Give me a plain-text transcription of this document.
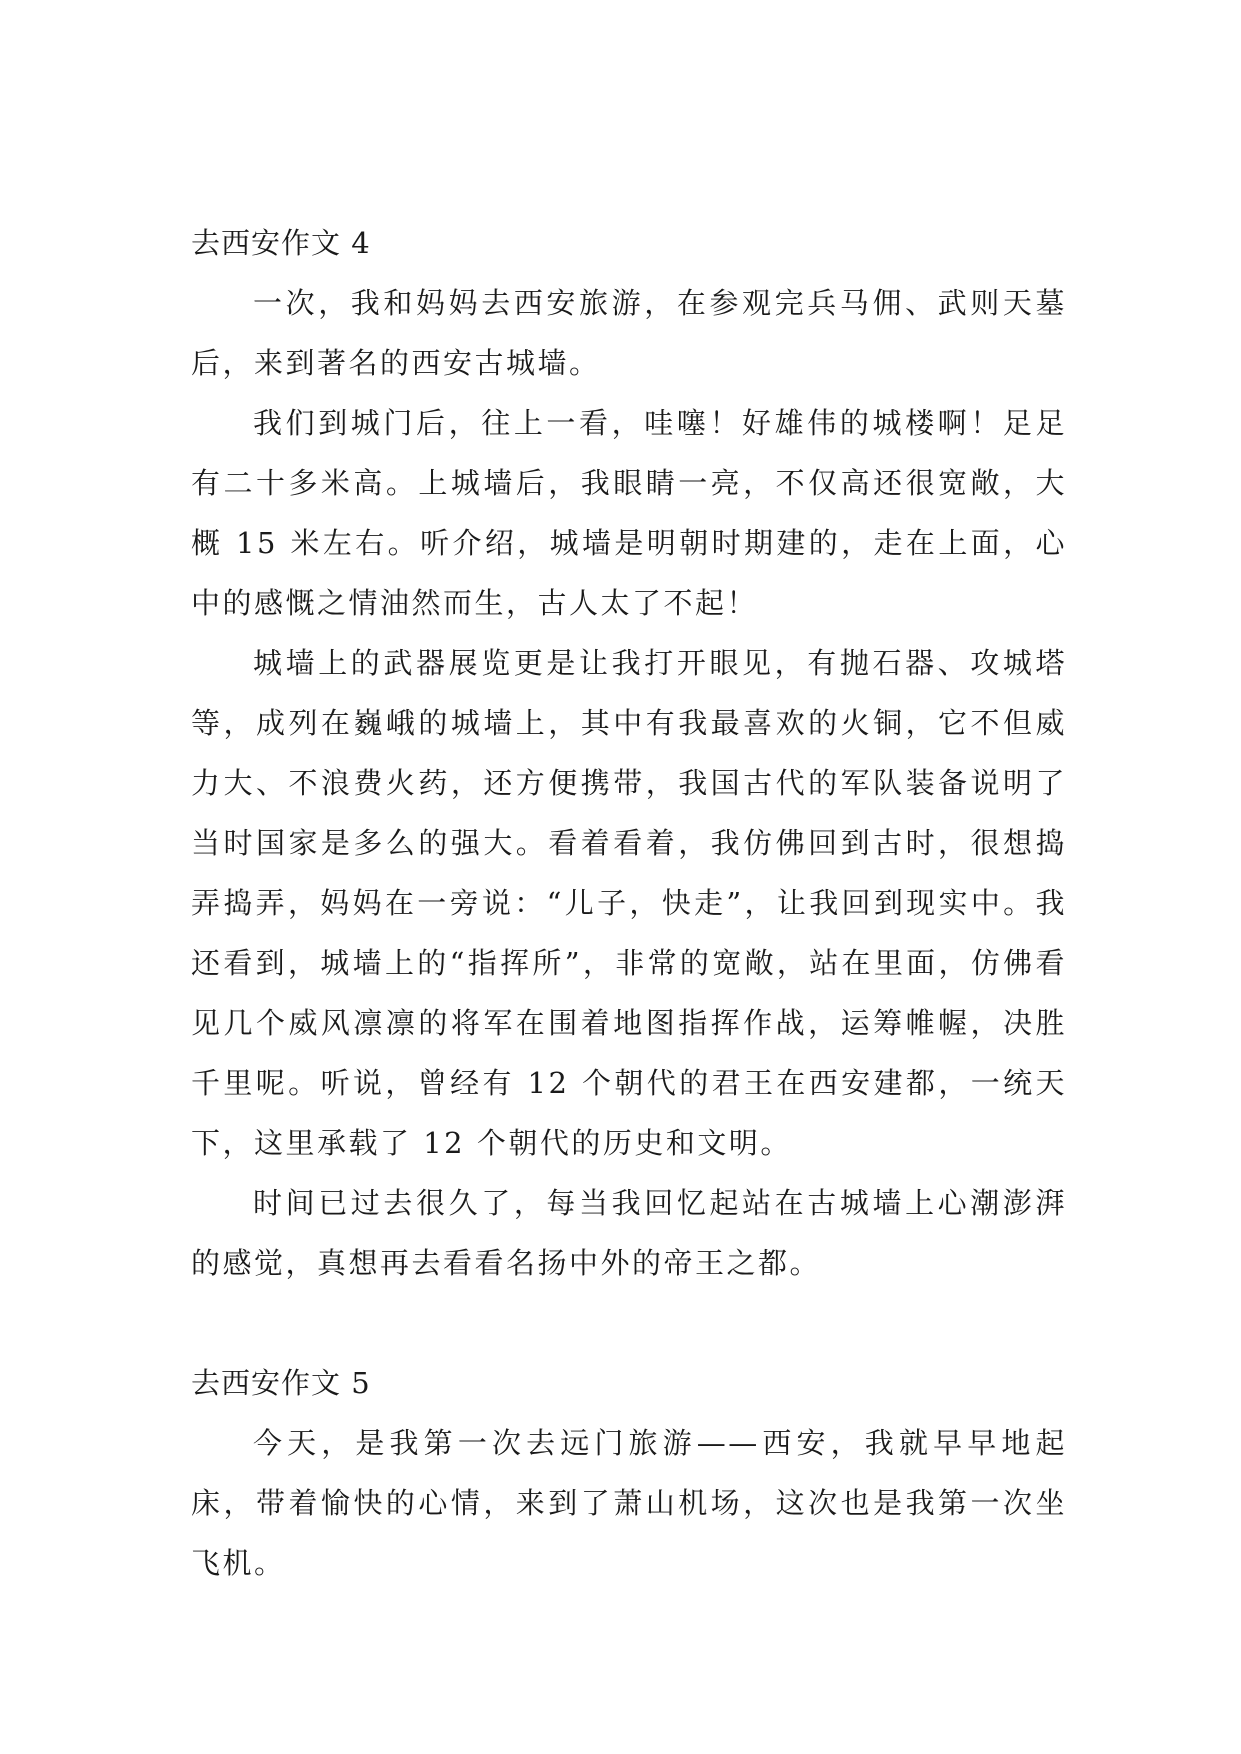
去西安作文 4

一次，我和妈妈去西安旅游，在参观完兵马佣、武则天墓后，来到著名的西安古城墙。

我们到城门后，往上一看，哇噻！好雄伟的城楼啊！足足有二十多米高。上城墙后，我眼睛一亮，不仅高还很宽敞，大概 15 米左右。听介绍，城墙是明朝时期建的，走在上面，心中的感慨之情油然而生，古人太了不起！

城墙上的武器展览更是让我打开眼见，有抛石器、攻城塔等，成列在巍峨的城墙上，其中有我最喜欢的火铜，它不但威力大、不浪费火药，还方便携带，我国古代的军队装备说明了当时国家是多么的强大。看着看着，我仿佛回到古时，很想捣弄捣弄，妈妈在一旁说：“儿子，快走”，让我回到现实中。我还看到，城墙上的“指挥所”，非常的宽敞，站在里面，仿佛看见几个威风凛凛的将军在围着地图指挥作战，运筹帷幄，决胜千里呢。听说，曾经有 12 个朝代的君王在西安建都，一统天下，这里承载了 12 个朝代的历史和文明。

时间已过去很久了，每当我回忆起站在古城墙上心潮澎湃的感觉，真想再去看看名扬中外的帝王之都。

去西安作文 5

今天，是我第一次去远门旅游——西安，我就早早地起床，带着愉快的心情，来到了萧山机场，这次也是我第一次坐飞机。
